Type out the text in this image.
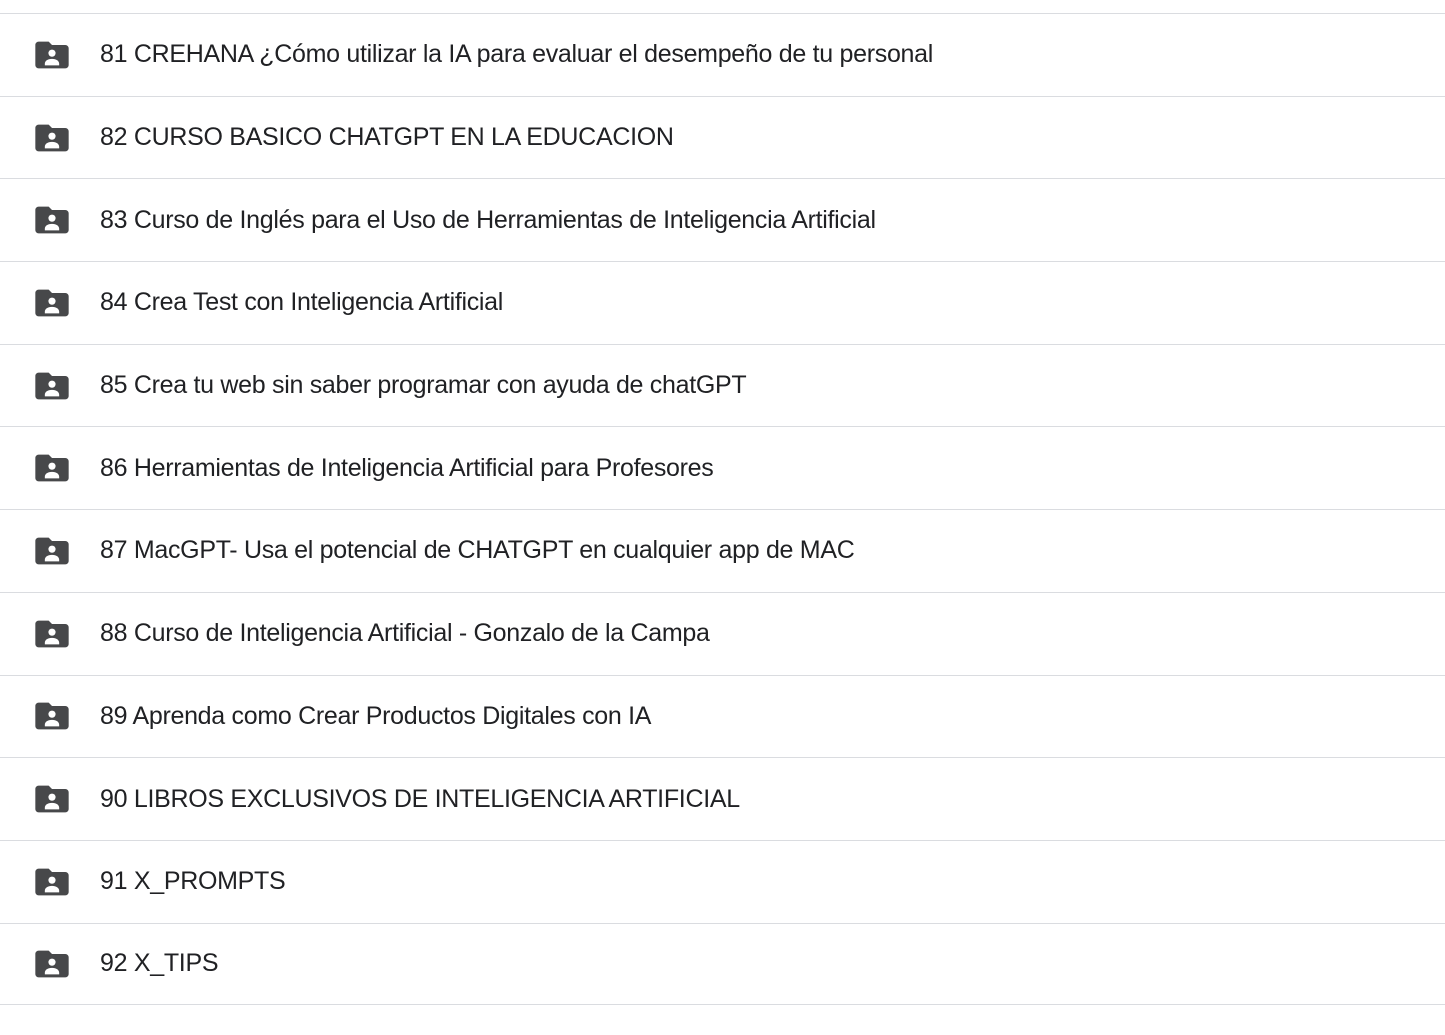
81 CREHANA ¿Cómo utilizar la IA para evaluar el desempeño de tu personal
82 CURSO BASICO CHATGPT EN LA EDUCACION
83 Curso de Inglés para el Uso de Herramientas de Inteligencia Artificial
84 Crea Test con Inteligencia Artificial
85 Crea tu web sin saber programar con ayuda de chatGPT
86 Herramientas de Inteligencia Artificial para Profesores
87 MacGPT- Usa el potencial de CHATGPT en cualquier app de MAC
88 Curso de Inteligencia Artificial - Gonzalo de la Campa
89 Aprenda como Crear Productos Digitales con IA
90 LIBROS EXCLUSIVOS DE INTELIGENCIA ARTIFICIAL
91 X_PROMPTS
92 X_TIPS
